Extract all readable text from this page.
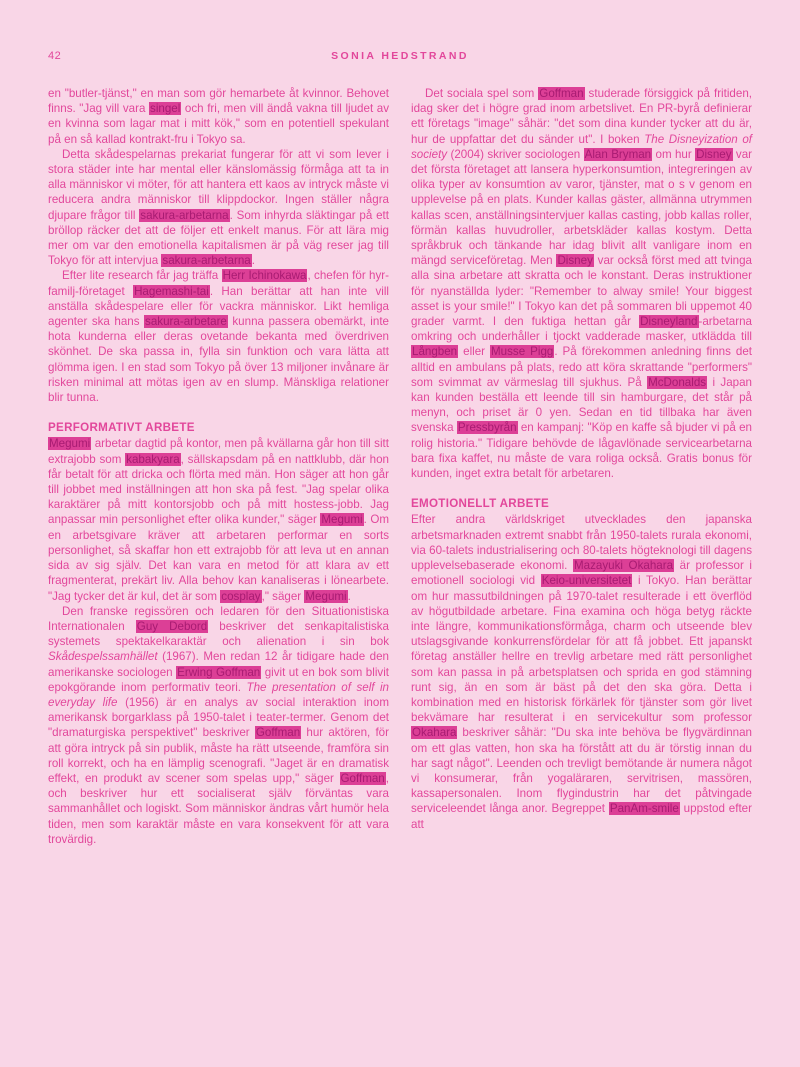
42	SONIA HEDSTRAND

en "butler-tjänst," en man som gör hemarbete åt kvinnor. Behovet finns. "Jag vill vara singel och fri, men vill ändå vakna till ljudet av en kvinna som lagar mat i mitt kök," som en potentiell spekulant på en så kallad kontrakt-fru i Tokyo sa.

Detta skådespelarnas prekariat fungerar för att vi som lever i stora städer inte har mental eller känslomässig förmåga att ta in alla människor vi möter, för att hantera ett kaos av intryck måste vi reducera andra människor till klippdockor. Ingen ställer några djupare frågor till sakura-arbetarna. Som inhyrda släktingar på ett bröllop räcker det att de följer ett enkelt manus. För att lära mig mer om var den emotionella kapitalismen är på väg reser jag till Tokyo för att intervjua sakura-arbetarna.

Efter lite research får jag träffa Herr Ichinokawa, chefen för hyr-familj-företaget Hagemashi-tai. Han berättar att han inte vill anställa skådespelare eller för vackra människor. Likt hemliga agenter ska hans sakura-arbetare kunna passera obemärkt, inte hota kunderna eller deras ovetande bekanta med överdriven skönhet. De ska passa in, fylla sin funktion och vara lätta att glömma igen. I en stad som Tokyo på över 13 miljoner invånare är risken minimal att mötas igen av en slump. Mänskliga relationer blir tunna.

PERFORMATIVT ARBETE

Megumi arbetar dagtid på kontor, men på kvällarna går hon till sitt extrajobb som kabakyara, sällskapsdam på en nattklubb, där hon får betalt för att dricka och flörta med män. Hon säger att hon går till jobbet med inställningen att hon ska på fest. "Jag spelar olika karaktärer på mitt kontorsjobb och på mitt hostess-jobb. Jag anpassar min personlighet efter olika kunder," säger Megumi. Om en arbetsgivare kräver att arbetaren performar en sorts personlighet, så skaffar hon ett extrajobb för att leva ut en annan sida av sig själv. Det kan vara en metod för att klara av ett fragmenterat, prekärt liv. Alla behov kan kanaliseras i lönearbete. "Jag tycker det är kul, det är som cosplay," säger Megumi.

Den franske regissören och ledaren för den Situationistiska Internationalen Guy Debord beskriver det senkapitalistiska systemets spektakelkaraktär och alienation i sin bok Skådespelssamhället (1967). Men redan 12 år tidigare hade den amerikanske sociologen Erwing Goffman givit ut en bok som blivit epokgörande inom performativ teori. The presentation of self in everyday life (1956) är en analys av social interaktion inom amerikansk borgarklass på 1950-talet i teater-termer. Genom det "dramaturgiska perspektivet" beskriver Goffman hur aktören, för att göra intryck på sin publik, måste ha rätt utseende, framföra sin roll korrekt, och ha en lämplig scenografi. "Jaget är en dramatisk effekt, en produkt av scener som spelas upp," säger Goffman, och beskriver hur ett socialiserat själv förväntas vara sammanhållet och logiskt. Som människor ändras vårt humör hela tiden, men som karaktär måste en vara konsekvent för att vara trovärdig.

Det sociala spel som Goffman studerade försiggick på fritiden, idag sker det i högre grad inom arbetslivet. En PR-byrå definierar ett företags "image" såhär: "det som dina kunder tycker att du är, hur de uppfattar det du sänder ut". I boken The Disneyization of society (2004) skriver sociologen Alan Bryman om hur Disney var det första företaget att lansera hyperkonsumtion, integreringen av olika typer av konsumtion av varor, tjänster, mat o s v genom en upplevelse på en plats. Kunder kallas gäster, allmänna utrymmen kallas scen, anställningsintervjuer kallas casting, jobb kallas roller, förmän kallas huvudroller, arbetskläder kallas kostym. Detta språkbruk och tänkande har idag blivit allt vanligare inom en mängd serviceföretag. Men Disney var också först med att tvinga alla sina arbetare att skratta och le konstant. Deras instruktioner för nyanställda lyder: "Remember to alway smile! Your biggest asset is your smile!" I Tokyo kan det på sommaren bli uppemot 40 grader varmt. I den fuktiga hettan går Disneyland-arbetarna omkring och underhåller i tjockt vadderade masker, utklädda till Långben eller Musse Pigg. På förekommen anledning finns det alltid en ambulans på plats, redo att köra skrattande "performers" som svimmat av värmeslag till sjukhus. På McDonalds i Japan kan kunden beställa ett leende till sin hamburgare, det står på menyn, och priset är 0 yen. Sedan en tid tillbaka har även svenska Pressbyrån en kampanj: "Köp en kaffe så bjuder vi på en rolig historia." Tidigare behövde de lågavlönade servicearbetarna bara fixa kaffet, nu måste de vara roliga också. Gratis bonus för kunden, inget extra betalt för arbetaren.

EMOTIONELLT ARBETE

Efter andra världskriget utvecklades den japanska arbetsmarknaden extremt snabbt från 1950-talets rurala ekonomi, via 60-talets industrialisering och 80-talets högteknologi till dagens upplevelsebaserade ekonomi. Mazayuki Okahara är professor i emotionell sociologi vid Keio-universitetet i Tokyo. Han berättar om hur massutbildningen på 1970-talet resulterade i ett överflöd av högutbildade arbetare. Fina examina och höga betyg räckte inte längre, kommunikationsförmåga, charm och utseende blev utslagsgivande konkurrensfördelar för att få jobbet. Ett japanskt företag anställer hellre en trevlig arbetare med rätt personlighet som kan passa in på arbetsplatsen och sprida en god stämning runt sig, än en som är bäst på det den ska göra. Detta i kombination med en historisk förkärlek för tjänster som gör livet bekvämare har resulterat i en servicekultur som professor Okahara beskriver såhär: "Du ska inte behöva be flygvärdinnan om ett glas vatten, hon ska ha förstått att du är törstig innan du har sagt något". Leenden och trevligt bemötande är numera något vi konsumerar, från yogaläraren, servitrisen, massören, kassapersonalen. Inom flygindustrin har det påtvingade serviceleendet långa anor. Begreppet PanAm-smile uppstod efter att
